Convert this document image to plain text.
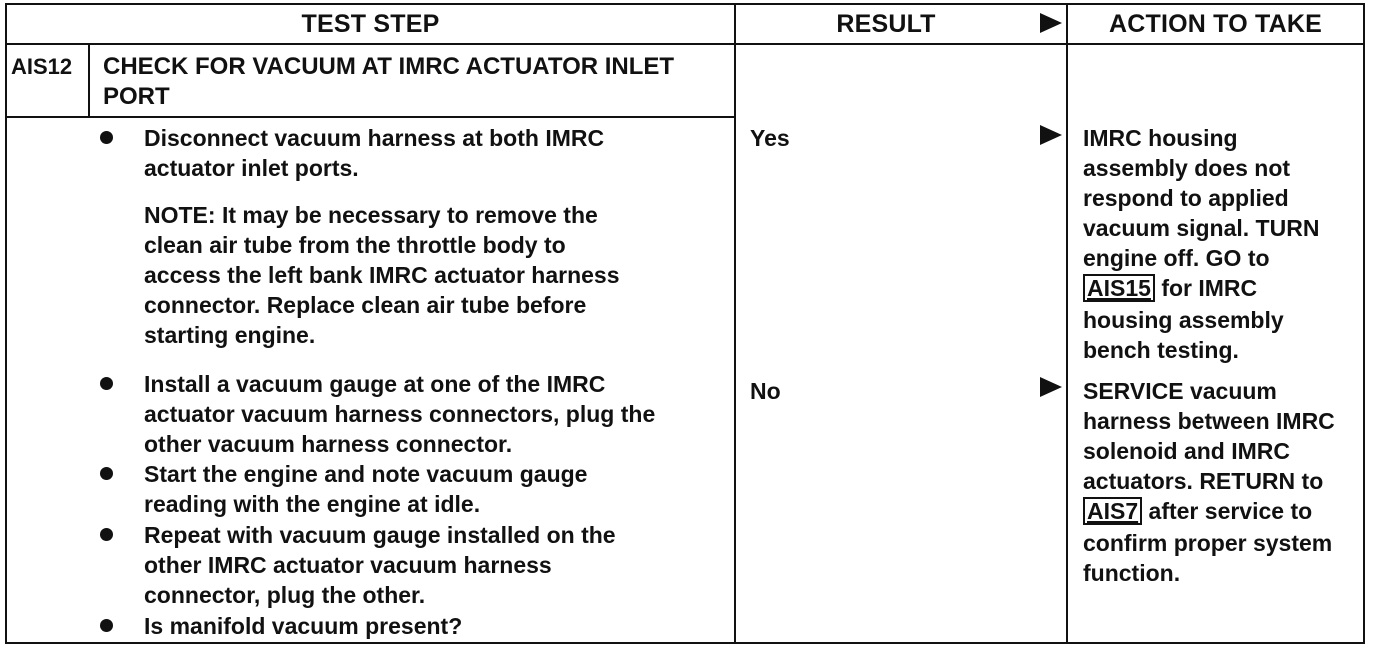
TEST STEP	RESULT	ACTION TO TAKE
AIS12 CHECK FOR VACUUM AT IMRC ACTUATOR INLET
PORT
Disconnect vacuum harness at both IMRC
actuator inlet ports.
NOTE: It may be necessary to remove the
clean air tube from the throttle body to
access the left bank IMRC actuator harness
connector. Replace clean air tube before
starting engine.
Install a vacuum gauge at one of the IMRC
actuator vacuum harness connectors, plug the
other vacuum harness connector.
Start the engine and note vacuum gauge
reading with the engine at idle.
Repeat with vacuum gauge installed on the
other IMRC actuator vacuum harness
connector, plug the other.
Is manifold vacuum present?
Yes
No
IMRC housing
assembly does not
respond to applied
vacuum signal. TURN
engine off. GO to
AIS15 for IMRC
housing assembly
bench testing.
SERVICE vacuum
harness between IMRC
solenoid and IMRC
actuators. RETURN to
AIS7 after service to
confirm proper system
function.
